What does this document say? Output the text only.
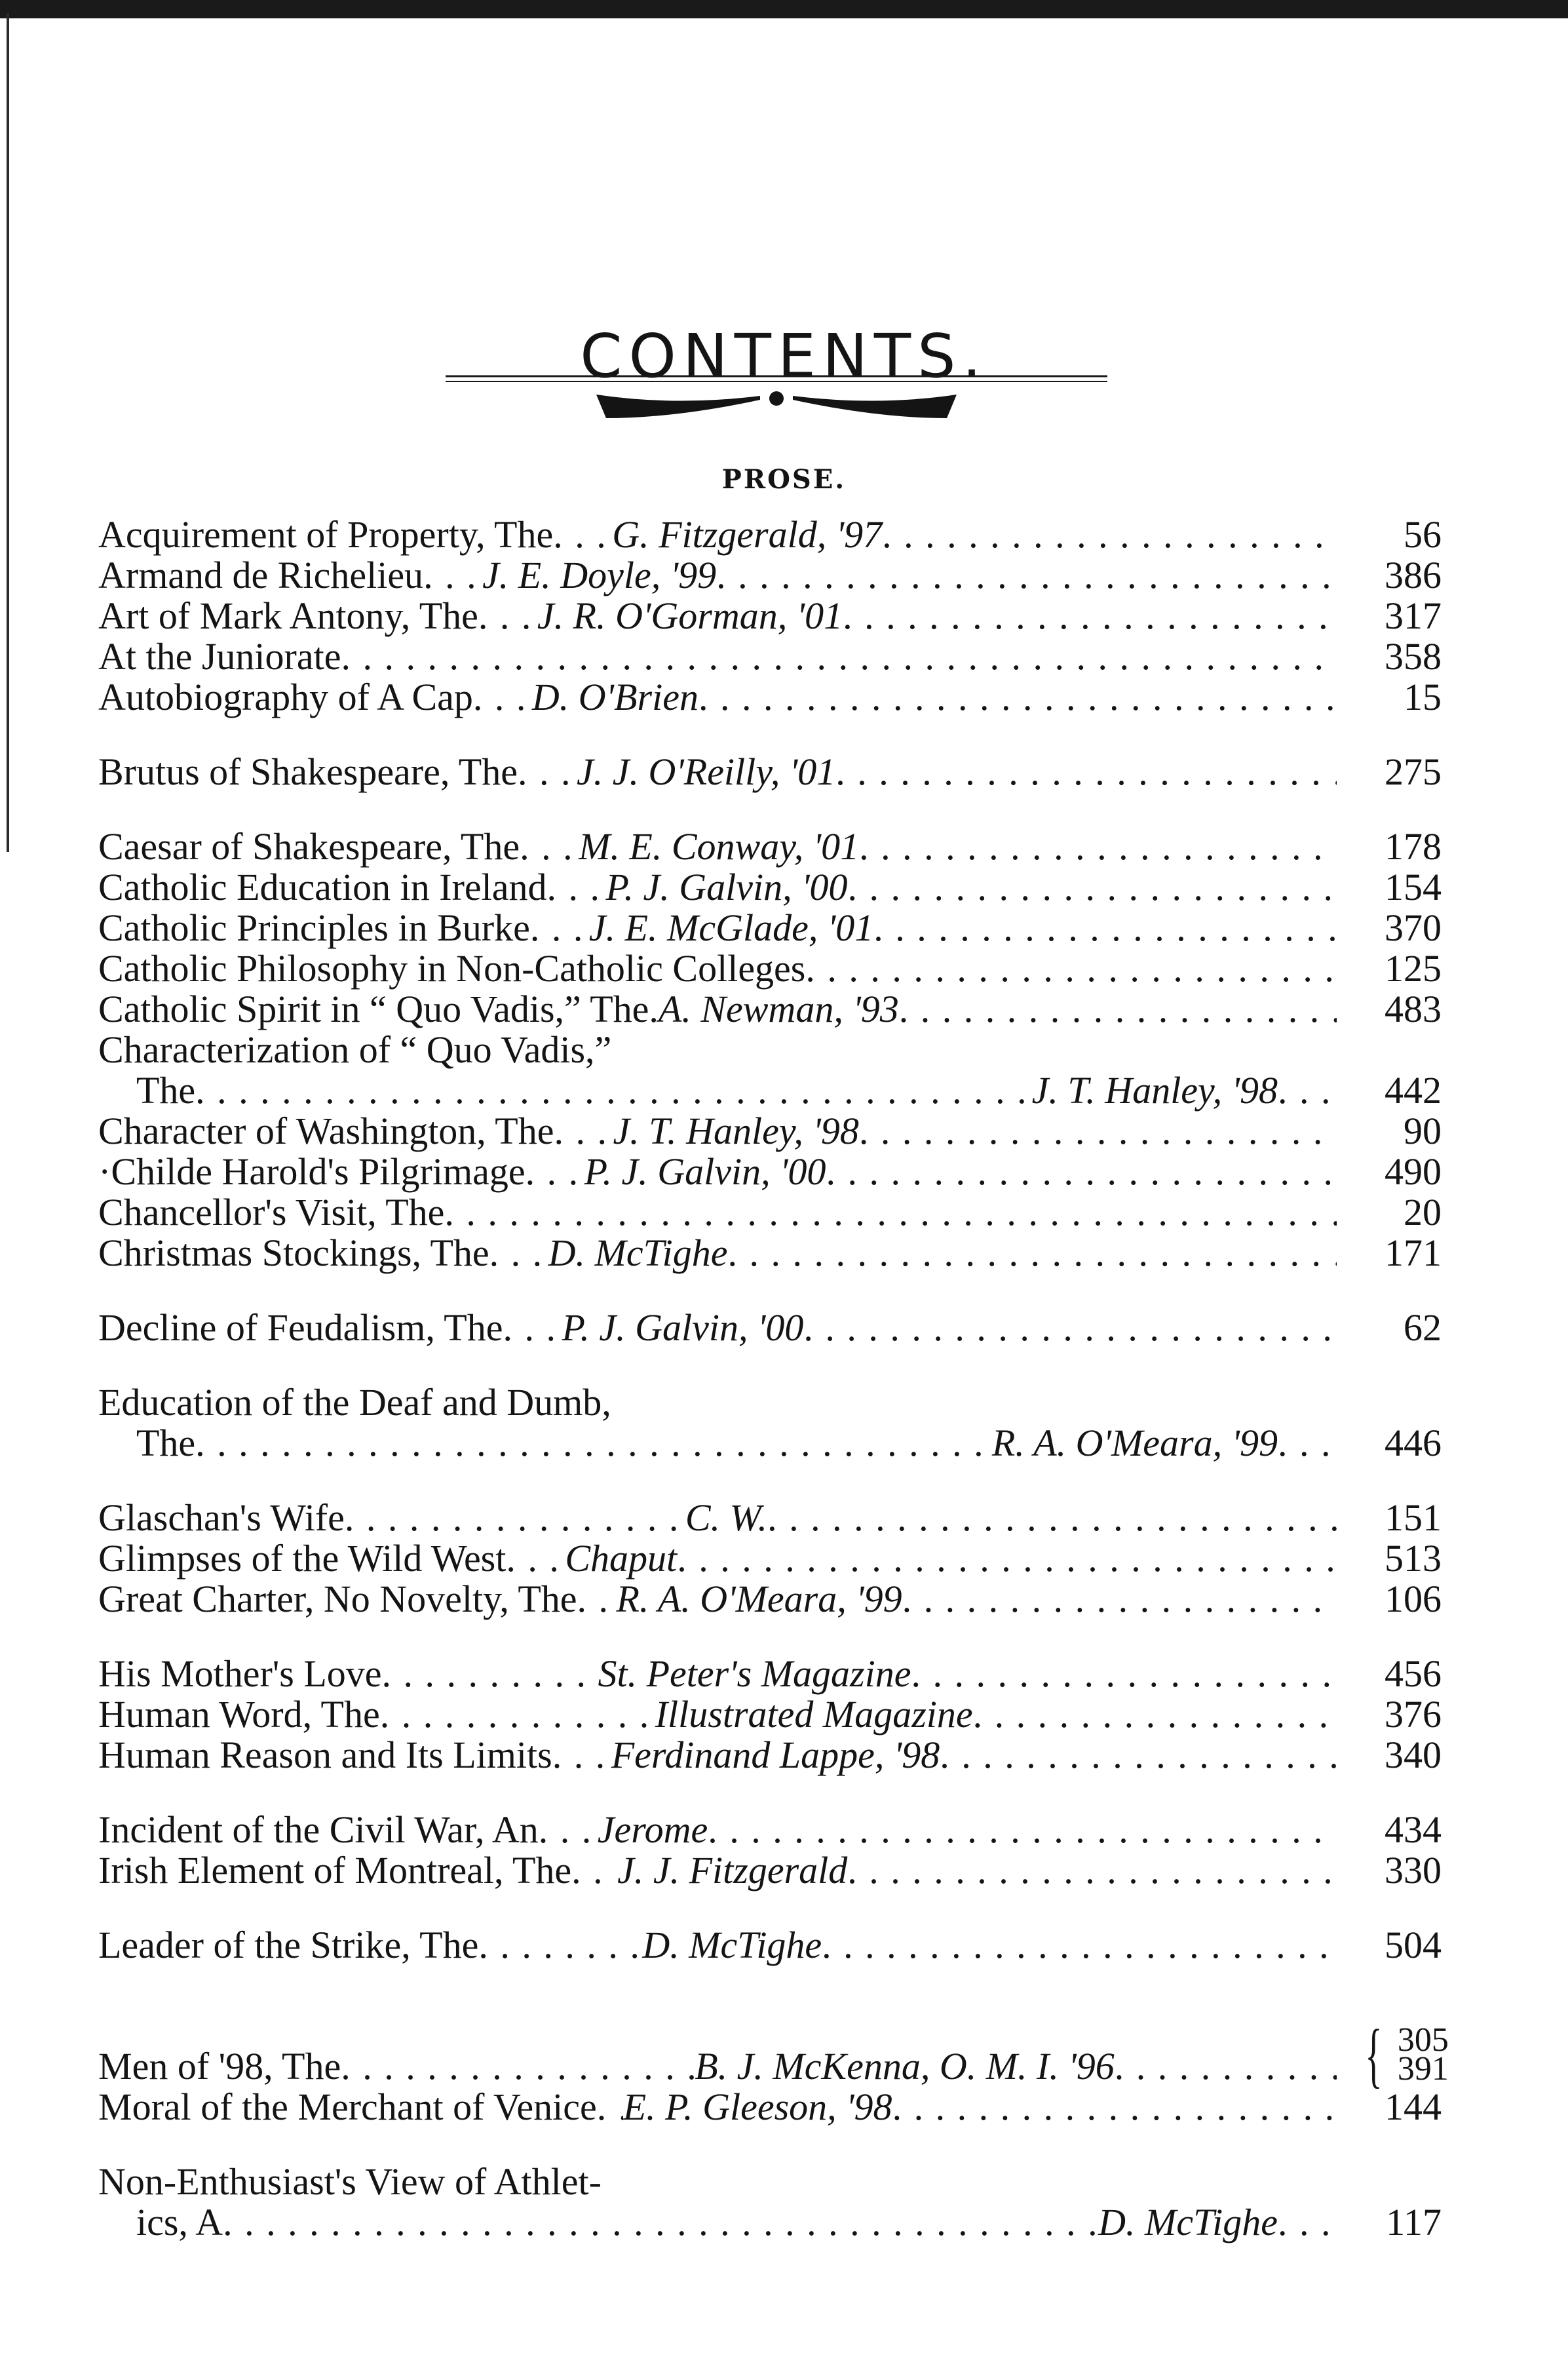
CONTENTS.
PROSE.
Acquirement of Property, The . . . G. Fitzgerald, '97 . . .	56
Armand de Richelieu . . . J. E. Doyle, '99 . . .	386
Art of Mark Antony, The . . . J. R. O'Gorman, '01 . . .	317
At the Juniorate . . .	358
Autobiography of A Cap . . . D. O'Brien . . .	15
Brutus of Shakespeare, The . . . J. J. O'Reilly, '01 . . .	275
Caesar of Shakespeare, The . . . M. E. Conway, '01 . . .	178
Catholic Education in Ireland . . . P. J. Galvin, '00 . . .	154
Catholic Principles in Burke . . . J. E. McGlade, '01 . . .	370
Catholic Philosophy in Non-Catholic Colleges . . .	125
Catholic Spirit in “ Quo Vadis,” The. A. Newman, '93 . . .	483
Characterization of “ Quo Vadis,”
The . . .	J. T. Hanley, '98 . . .	442
Character of Washington, The . . . J. T. Hanley, '98 . . .	90
·Childe Harold's Pilgrimage . . . P. J. Galvin, '00 . . .	490
Chancellor's Visit, The . . .	20
Christmas Stockings, The . . . D. McTighe . . .	171
Decline of Feudalism, The . . . P. J. Galvin, '00 . . .	62
Education of the Deaf and Dumb,
The . . .	R. A. O'Meara, '99 . . .	446
Glaschan's Wife . . .	C. W. . . .	151
Glimpses of the Wild West . . . Chaput . . .	513
Great Charter, No Novelty, The . . . R. A. O'Meara, '99 . . .	106
His Mother's Love . . .	St. Peter's Magazine . . .	456
Human Word, The . . .	Illustrated Magazine . . .	376
Human Reason and Its Limits . . . Ferdinand Lappe, '98 . . .	340
Incident of the Civil War, An . . . Jerome . . .	434
Irish Element of Montreal, The . . . J. J. Fitzgerald . . .	330
Leader of the Strike, The . . .	D. McTighe . . .	504
Men of '98, The . . .	B. J. McKenna, O. M. I. '96 . . .	{ 305
391
Moral of the Merchant of Venice . . . E. P. Gleeson, '98 . . .	144
Non-Enthusiast's View of Athlet-
ics, A . . .	D. McTighe . . .	117
